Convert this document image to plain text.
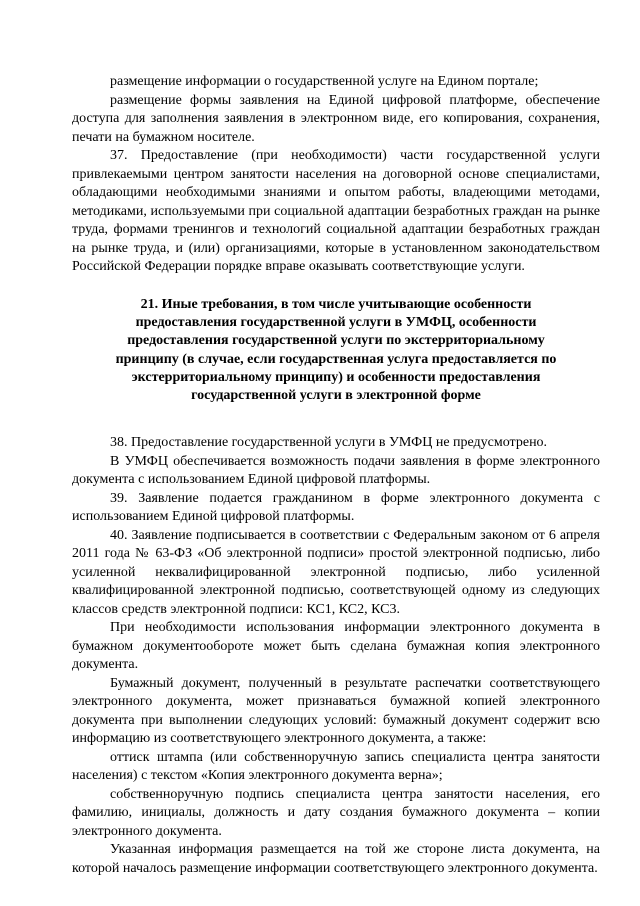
размещение информации о государственной услуге на Едином портале;

размещение формы заявления на Единой цифровой платформе, обеспечение доступа для заполнения заявления в электронном виде, его копирования, сохранения, печати на бумажном носителе.

37. Предоставление (при необходимости) части государственной услуги привлекаемыми центром занятости населения на договорной основе специалистами, обладающими необходимыми знаниями и опытом работы, владеющими методами, методиками, используемыми при социальной адаптации безработных граждан на рынке труда, формами тренингов и технологий социальной адаптации безработных граждан на рынке труда, и (или) организациями, которые в установленном законодательством Российской Федерации порядке вправе оказывать соответствующие услуги.

21. Иные требования, в том числе учитывающие особенности
предоставления государственной услуги в УМФЦ, особенности
предоставления государственной услуги по экстерриториальному
принципу (в случае, если государственная услуга предоставляется по
экстерриториальному принципу) и особенности предоставления
государственной услуги в электронной форме

38. Предоставление государственной услуги в УМФЦ не предусмотрено.

В УМФЦ обеспечивается возможность подачи заявления в форме электронного документа с использованием Единой цифровой платформы.

39. Заявление подается гражданином в форме электронного документа с использованием Единой цифровой платформы.

40. Заявление подписывается в соответствии с Федеральным законом от 6 апреля 2011 года № 63-ФЗ «Об электронной подписи» простой электронной подписью, либо усиленной неквалифицированной электронной подписью, либо усиленной квалифицированной электронной подписью, соответствующей одному из следующих классов средств электронной подписи: КС1, КС2, КС3.

При необходимости использования информации электронного документа в бумажном документообороте может быть сделана бумажная копия электронного документа.

Бумажный документ, полученный в результате распечатки соответствующего электронного документа, может признаваться бумажной копией электронного документа при выполнении следующих условий: бумажный документ содержит всю информацию из соответствующего электронного документа, а также:

оттиск штампа (или собственноручную запись специалиста центра занятости населения) с текстом «Копия электронного документа верна»;

собственноручную подпись специалиста центра занятости населения, его фамилию, инициалы, должность и дату создания бумажного документа – копии электронного документа.

Указанная информация размещается на той же стороне листа документа, на которой началось размещение информации соответствующего электронного документа.
